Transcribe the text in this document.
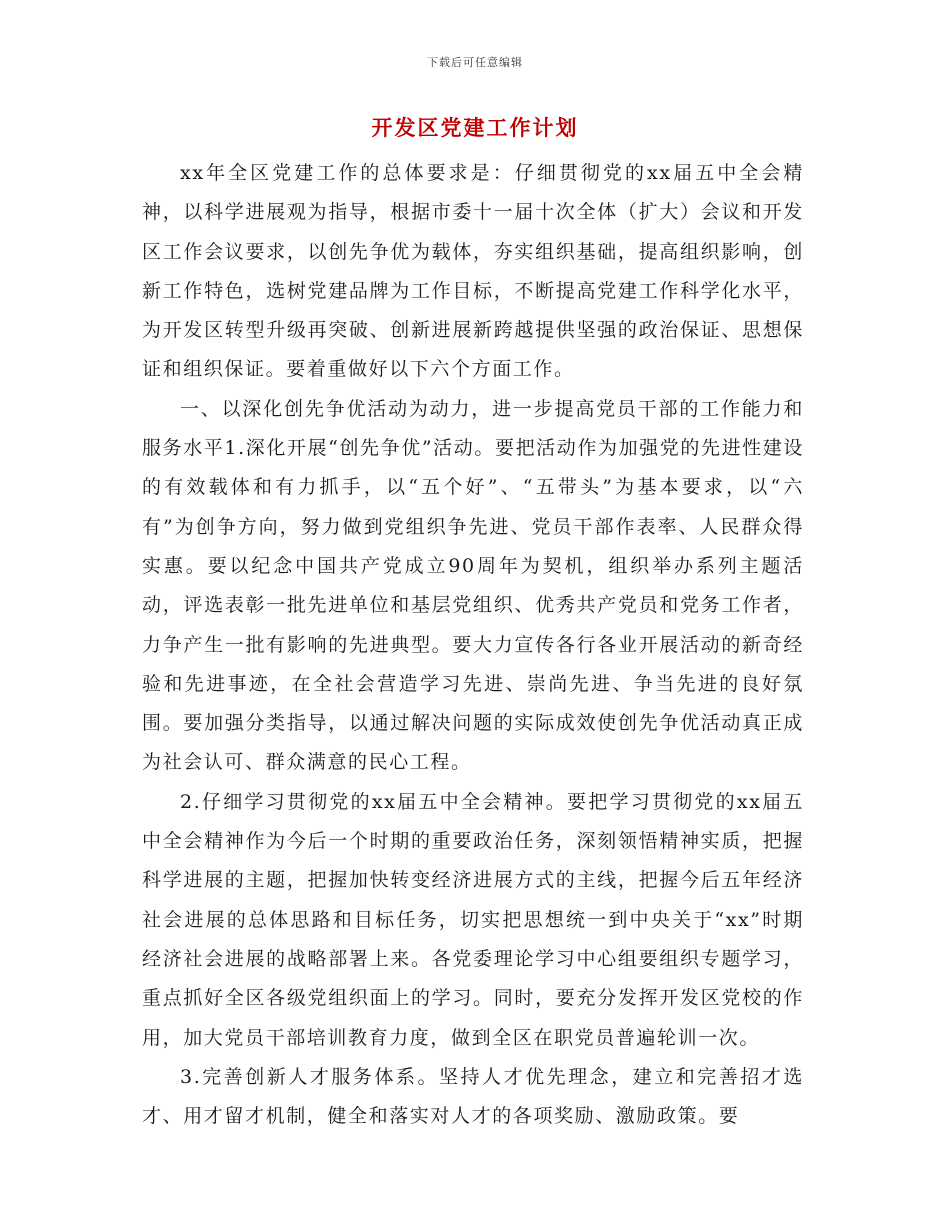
下载后可任意编辑
开发区党建工作计划

xx年全区党建工作的总体要求是：仔细贯彻党的xx届五中全会精神，以科学进展观为指导，根据市委十一届十次全体（扩大）会议和开发区工作会议要求，以创先争优为载体，夯实组织基础，提高组织影响，创新工作特色，选树党建品牌为工作目标，不断提高党建工作科学化水平，为开发区转型升级再突破、创新进展新跨越提供坚强的政治保证、思想保证和组织保证。要着重做好以下六个方面工作。

一、以深化创先争优活动为动力，进一步提高党员干部的工作能力和服务水平1.深化开展“创先争优”活动。要把活动作为加强党的先进性建设的有效载体和有力抓手，以“五个好”、“五带头”为基本要求，以“六有”为创争方向，努力做到党组织争先进、党员干部作表率、人民群众得实惠。要以纪念中国共产党成立90周年为契机，组织举办系列主题活动，评选表彰一批先进单位和基层党组织、优秀共产党员和党务工作者，力争产生一批有影响的先进典型。要大力宣传各行各业开展活动的新奇经验和先进事迹，在全社会营造学习先进、崇尚先进、争当先进的良好氛围。要加强分类指导，以通过解决问题的实际成效使创先争优活动真正成为社会认可、群众满意的民心工程。

2.仔细学习贯彻党的xx届五中全会精神。要把学习贯彻党的xx届五中全会精神作为今后一个时期的重要政治任务，深刻领悟精神实质，把握科学进展的主题，把握加快转变经济进展方式的主线，把握今后五年经济社会进展的总体思路和目标任务，切实把思想统一到中央关于“xx”时期经济社会进展的战略部署上来。各党委理论学习中心组要组织专题学习，重点抓好全区各级党组织面上的学习。同时，要充分发挥开发区党校的作用，加大党员干部培训教育力度，做到全区在职党员普遍轮训一次。

3.完善创新人才服务体系。坚持人才优先理念，建立和完善招才选才、用才留才机制，健全和落实对人才的各项奖励、激励政策。要
